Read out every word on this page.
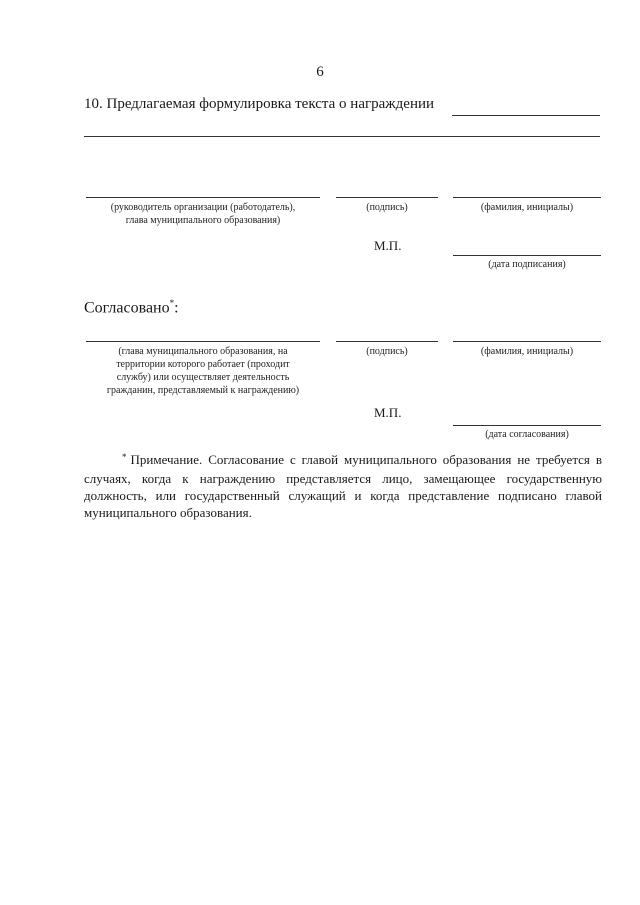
6
10. Предлагаемая формулировка текста о награждении
(руководитель организации (работодатель),
глава муниципального образования)
(подпись)	(фамилия, инициалы)
М.П.
(дата подписания)
Согласовано*:
(глава муниципального образования, на
территории которого работает (проходит
службу) или осуществляет деятельность
гражданин, представляемый к награждению)
(подпись)	(фамилия, инициалы)
М.П.
(дата согласования)
* Примечание. Согласование с главой муниципального образования не требуется в случаях, когда к награждению представляется лицо, замещающее государственную должность, или государственный служащий и когда представление подписано главой муниципального образования.
